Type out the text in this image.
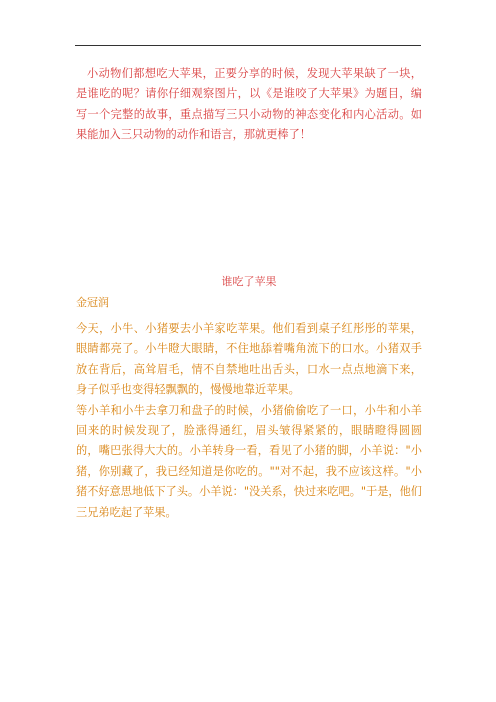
小动物们都想吃大苹果，正要分享的时候，发现大苹果缺了一块，是谁吃的呢？请你仔细观察图片，以《是谁咬了大苹果》为题目，编写一个完整的故事，重点描写三只小动物的神态变化和内心活动。如果能加入三只动物的动作和语言，那就更棒了！

谁吃了苹果

金冠润

今天，小牛、小猪要去小羊家吃苹果。他们看到桌子红彤彤的苹果，眼睛都亮了。小牛瞪大眼睛，不住地舔着嘴角流下的口水。小猪双手放在背后，高耸眉毛，情不自禁地吐出舌头，口水一点点地滴下来，身子似乎也变得轻飘飘的，慢慢地靠近苹果。

等小羊和小牛去拿刀和盘子的时候，小猪偷偷吃了一口，小牛和小羊回来的时候发现了，脸涨得通红，眉头皱得紧紧的，眼睛瞪得圆圆的，嘴巴张得大大的。小羊转身一看，看见了小猪的脚，小羊说："小猪，你别藏了，我已经知道是你吃的。""对不起，我不应该这样。"小猪不好意思地低下了头。小羊说："没关系，快过来吃吧。"于是，他们三兄弟吃起了苹果。
